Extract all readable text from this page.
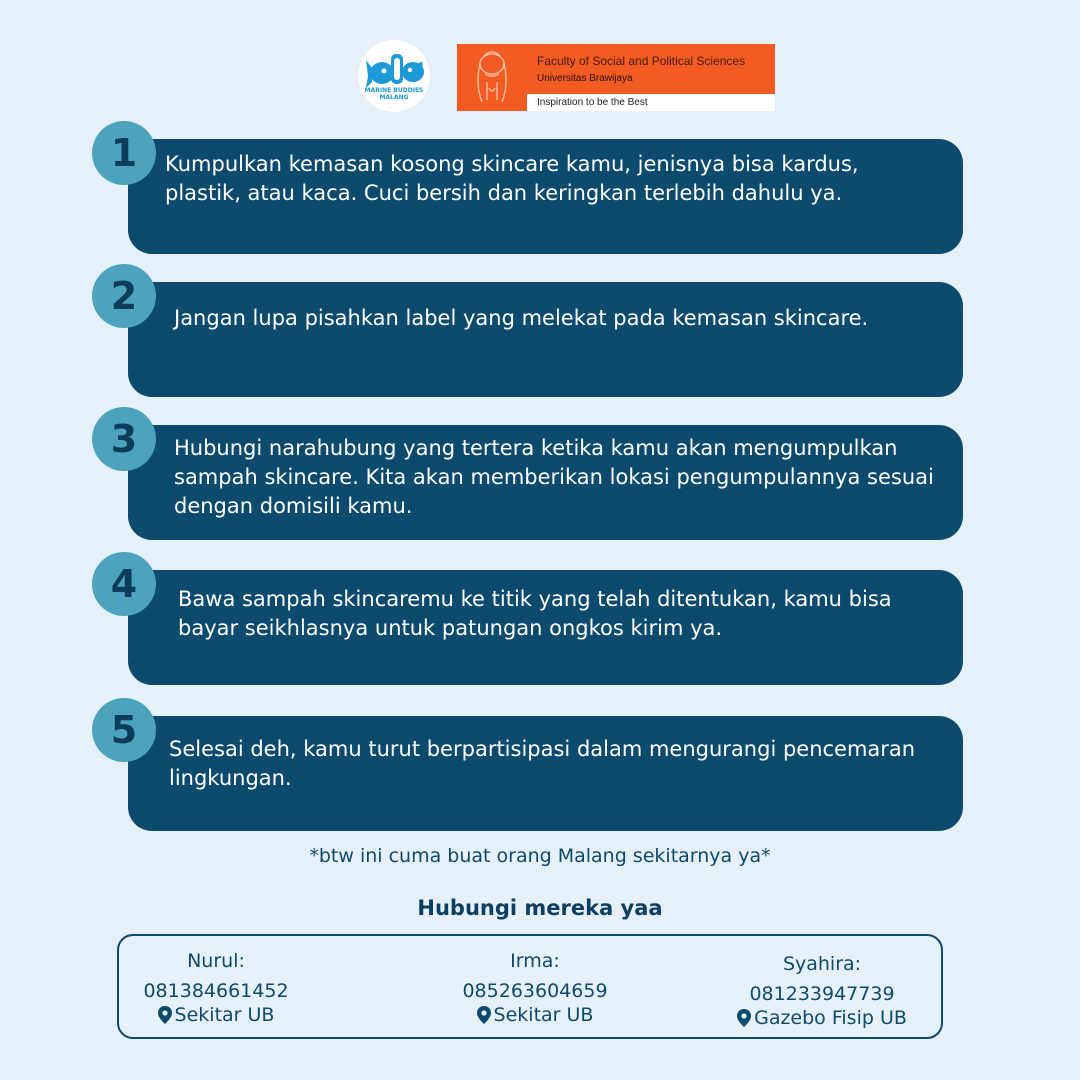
MARINE BUDDIES MALANG
Faculty of Social and Political Sciences
Universitas Brawijaya
Inspiration to be the Best
Kumpulkan kemasan kosong skincare kamu, jenisnya bisa kardus, plastik, atau kaca. Cuci bersih dan keringkan terlebih dahulu ya.
1
Jangan lupa pisahkan label yang melekat pada kemasan skincare.
2
Hubungi narahubung yang tertera ketika kamu akan mengumpulkan sampah skincare. Kita akan memberikan lokasi pengumpulannya sesuai dengan domisili kamu.
3
Bawa sampah skincaremu ke titik yang telah ditentukan, kamu bisa bayar seikhlasnya untuk patungan ongkos kirim ya.
4
Selesai deh, kamu turut berpartisipasi dalam mengurangi pencemaran lingkungan.
5
*btw ini cuma buat orang Malang sekitarnya ya*
Hubungi mereka yaa
Nurul:
081384661452
Sekitar UB
Irma:
085263604659
Sekitar UB
Syahira:
081233947739
Gazebo Fisip UB
